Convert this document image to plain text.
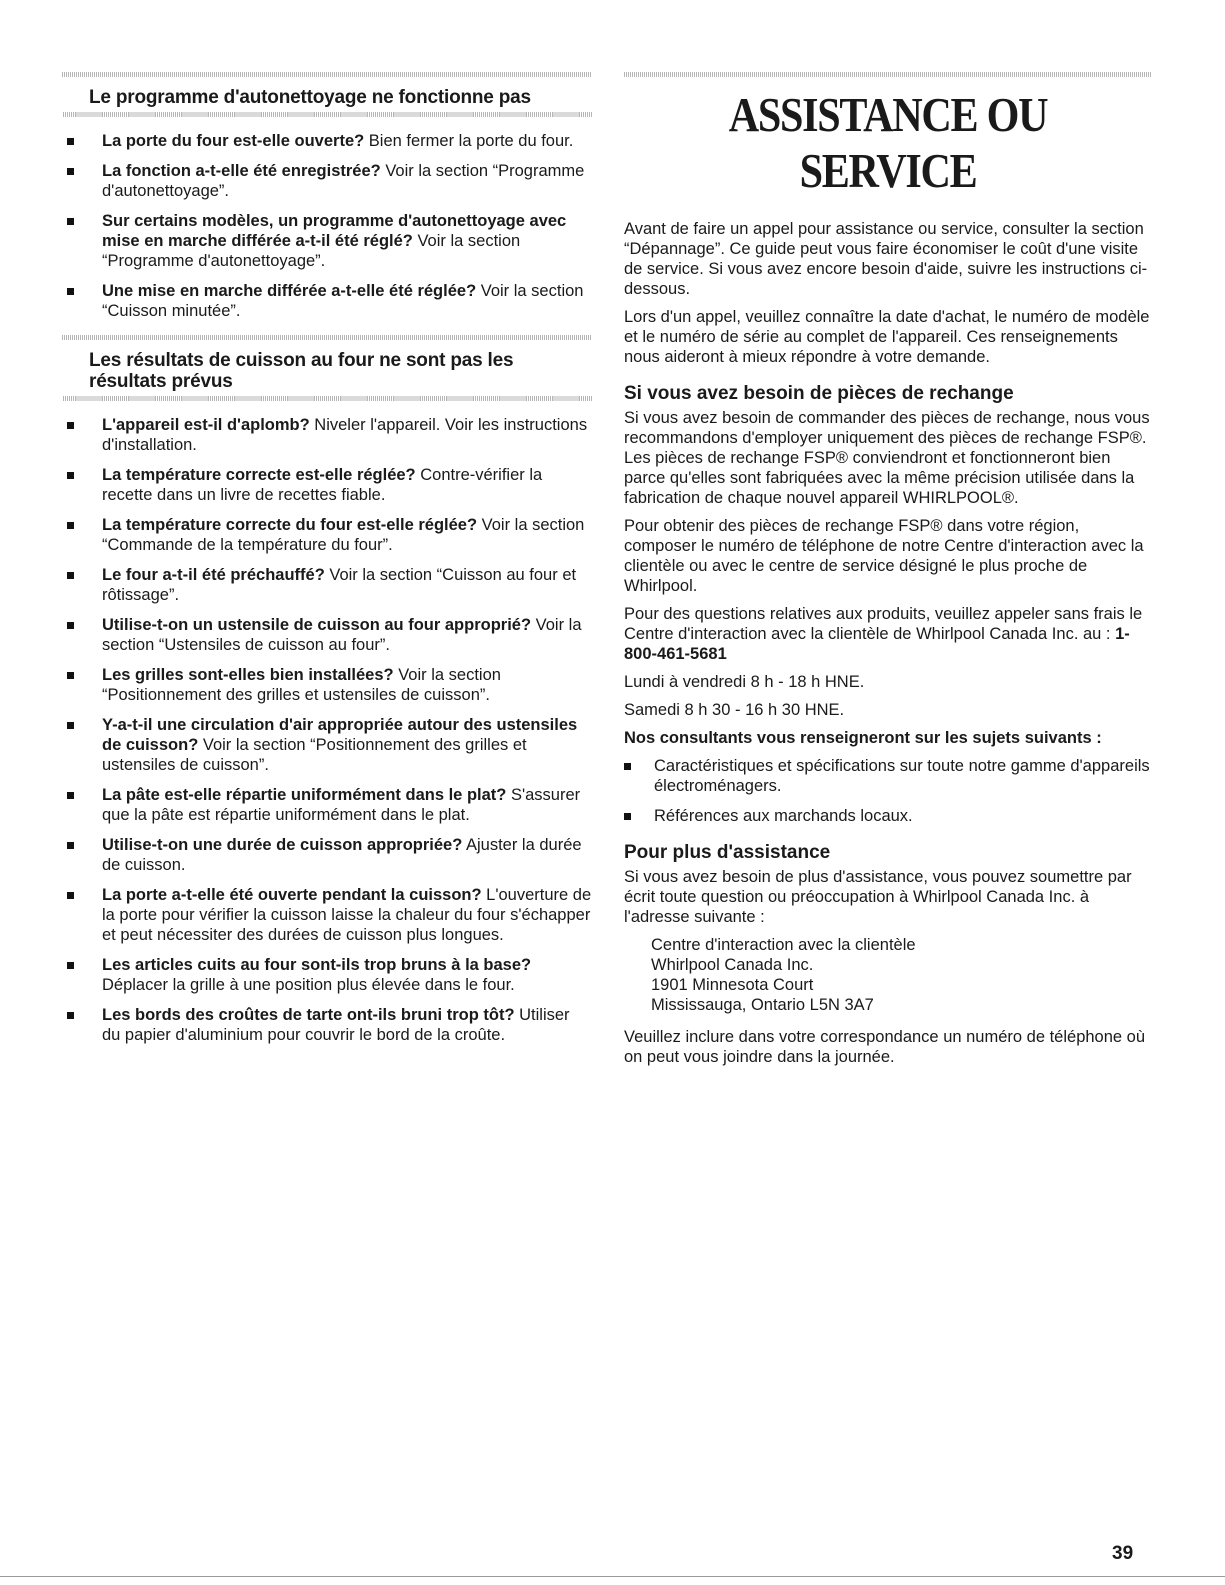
Le programme d'autonettoyage ne fonctionne pas
La porte du four est-elle ouverte? Bien fermer la porte du four.
La fonction a-t-elle été enregistrée? Voir la section “Programme d'autonettoyage”.
Sur certains modèles, un programme d'autonettoyage avec mise en marche différée a-t-il été réglé? Voir la section “Programme d'autonettoyage”.
Une mise en marche différée a-t-elle été réglée? Voir la section “Cuisson minutée”.
Les résultats de cuisson au four ne sont pas les résultats prévus
L'appareil est-il d'aplomb? Niveler l'appareil. Voir les instructions d'installation.
La température correcte est-elle réglée? Contre-vérifier la recette dans un livre de recettes fiable.
La température correcte du four est-elle réglée? Voir la section “Commande de la température du four”.
Le four a-t-il été préchauffé? Voir la section “Cuisson au four et rôtissage”.
Utilise-t-on un ustensile de cuisson au four approprié? Voir la section “Ustensiles de cuisson au four”.
Les grilles sont-elles bien installées? Voir la section “Positionnement des grilles et ustensiles de cuisson”.
Y-a-t-il une circulation d'air appropriée autour des ustensiles de cuisson? Voir la section “Positionnement des grilles et ustensiles de cuisson”.
La pâte est-elle répartie uniformément dans le plat? S'assurer que la pâte est répartie uniformément dans le plat.
Utilise-t-on une durée de cuisson appropriée? Ajuster la durée de cuisson.
La porte a-t-elle été ouverte pendant la cuisson? L'ouverture de la porte pour vérifier la cuisson laisse la chaleur du four s'échapper et peut nécessiter des durées de cuisson plus longues.
Les articles cuits au four sont-ils trop bruns à la base? Déplacer la grille à une position plus élevée dans le four.
Les bords des croûtes de tarte ont-ils bruni trop tôt? Utiliser du papier d'aluminium pour couvrir le bord de la croûte.
ASSISTANCE OU SERVICE

Avant de faire un appel pour assistance ou service, consulter la section “Dépannage”. Ce guide peut vous faire économiser le coût d'une visite de service. Si vous avez encore besoin d'aide, suivre les instructions ci-dessous.

Lors d'un appel, veuillez connaître la date d'achat, le numéro de modèle et le numéro de série au complet de l'appareil. Ces renseignements nous aideront à mieux répondre à votre demande.

Si vous avez besoin de pièces de rechange

Si vous avez besoin de commander des pièces de rechange, nous vous recommandons d'employer uniquement des pièces de rechange FSP®. Les pièces de rechange FSP® conviendront et fonctionneront bien parce qu'elles sont fabriquées avec la même précision utilisée dans la fabrication de chaque nouvel appareil WHIRLPOOL®.

Pour obtenir des pièces de rechange FSP® dans votre région, composer le numéro de téléphone de notre Centre d'interaction avec la clientèle ou avec le centre de service désigné le plus proche de Whirlpool.

Pour des questions relatives aux produits, veuillez appeler sans frais le Centre d'interaction avec la clientèle de Whirlpool Canada Inc. au : 1-800-461-5681

Lundi à vendredi 8 h - 18 h HNE.

Samedi 8 h 30 - 16 h 30 HNE.

Nos consultants vous renseigneront sur les sujets suivants :

Caractéristiques et spécifications sur toute notre gamme d'appareils électroménagers.
Références aux marchands locaux.
Pour plus d'assistance

Si vous avez besoin de plus d'assistance, vous pouvez soumettre par écrit toute question ou préoccupation à Whirlpool Canada Inc. à l'adresse suivante :

Centre d'interaction avec la clientèle
Whirlpool Canada Inc.
1901 Minnesota Court
Mississauga, Ontario L5N 3A7

Veuillez inclure dans votre correspondance un numéro de téléphone où on peut vous joindre dans la journée.

39
